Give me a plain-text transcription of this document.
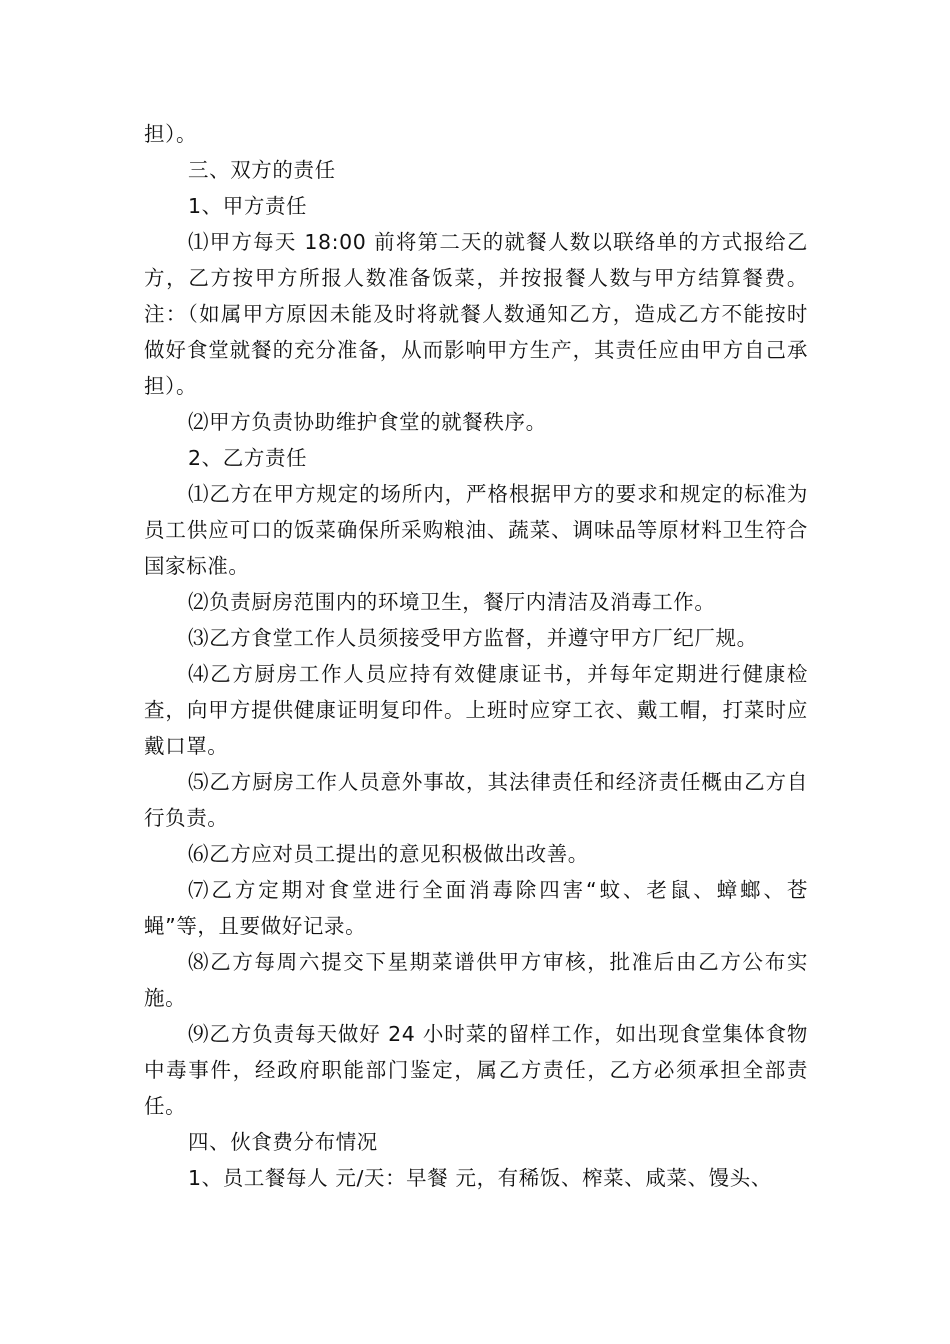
担）。

三、双方的责任

1、甲方责任

⑴甲方每天 18:00 前将第二天的就餐人数以联络单的方式报给乙方，乙方按甲方所报人数准备饭菜，并按报餐人数与甲方结算餐费。注：（如属甲方原因未能及时将就餐人数通知乙方，造成乙方不能按时做好食堂就餐的充分准备，从而影响甲方生产，其责任应由甲方自己承担）。

⑵甲方负责协助维护食堂的就餐秩序。

2、乙方责任

⑴乙方在甲方规定的场所内，严格根据甲方的要求和规定的标准为员工供应可口的饭菜确保所采购粮油、蔬菜、调味品等原材料卫生符合国家标准。

⑵负责厨房范围内的环境卫生，餐厅内清洁及消毒工作。

⑶乙方食堂工作人员须接受甲方监督，并遵守甲方厂纪厂规。

⑷乙方厨房工作人员应持有效健康证书，并每年定期进行健康检查，向甲方提供健康证明复印件。上班时应穿工衣、戴工帽，打菜时应戴口罩。

⑸乙方厨房工作人员意外事故，其法律责任和经济责任概由乙方自行负责。

⑹乙方应对员工提出的意见积极做出改善。

⑺乙方定期对食堂进行全面消毒除四害“蚊、老鼠、蟑螂、苍蝇”等，且要做好记录。

⑻乙方每周六提交下星期菜谱供甲方审核，批准后由乙方公布实施。

⑼乙方负责每天做好 24 小时菜的留样工作，如出现食堂集体食物中毒事件，经政府职能部门鉴定，属乙方责任，乙方必须承担全部责任。

四、伙食费分布情况

1、员工餐每人 元/天：早餐 元，有稀饭、榨菜、咸菜、馒头、
